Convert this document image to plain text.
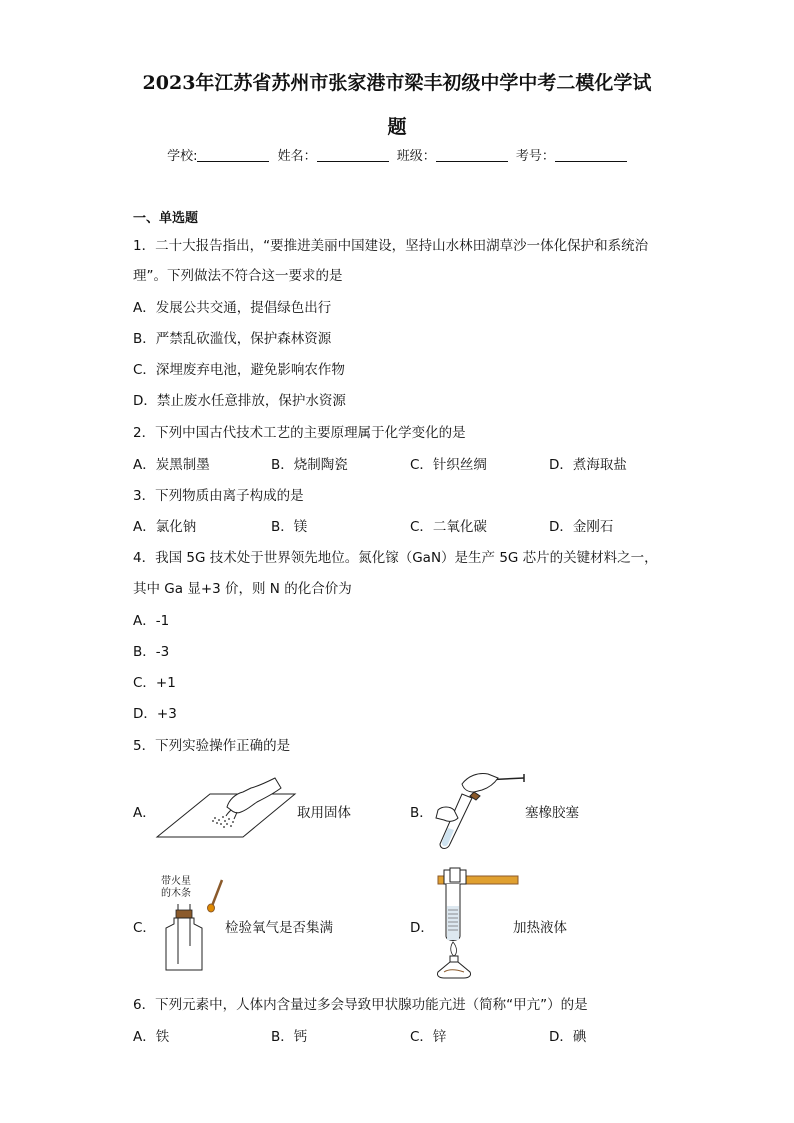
2023年江苏省苏州市张家港市梁丰初级中学中考二模化学试
题
学校:	姓名：	班级：	考号：
一、单选题
1．二十大报告指出，“要推进美丽中国建设，坚持山水林田湖草沙一体化保护和系统治
理”。下列做法不符合这一要求的是
A．发展公共交通，提倡绿色出行
B．严禁乱砍滥伐，保护森林资源
C．深埋废弃电池，避免影响农作物
D．禁止废水任意排放，保护水资源
2．下列中国古代技术工艺的主要原理属于化学变化的是
A．炭黑制墨	B．烧制陶瓷	C．针织丝绸	D．煮海取盐
3．下列物质由离子构成的是
A．氯化钠	B．镁	C．二氧化碳	D．金刚石
4．我国 5G 技术处于世界领先地位。氮化镓（GaN）是生产 5G 芯片的关键材料之一，
其中 Ga 显+3 价，则 N 的化合价为
A．-1
B．-3
C．+1
D．+3
5．下列实验操作正确的是
A．	取用固体	B．	塞橡胶塞
C．
带火星
的木条
检验氧气是否集满	D．	加热液体
6．下列元素中，人体内含量过多会导致甲状腺功能亢进（简称“甲亢”）的是
A．铁	B．钙	C．锌	D．碘
